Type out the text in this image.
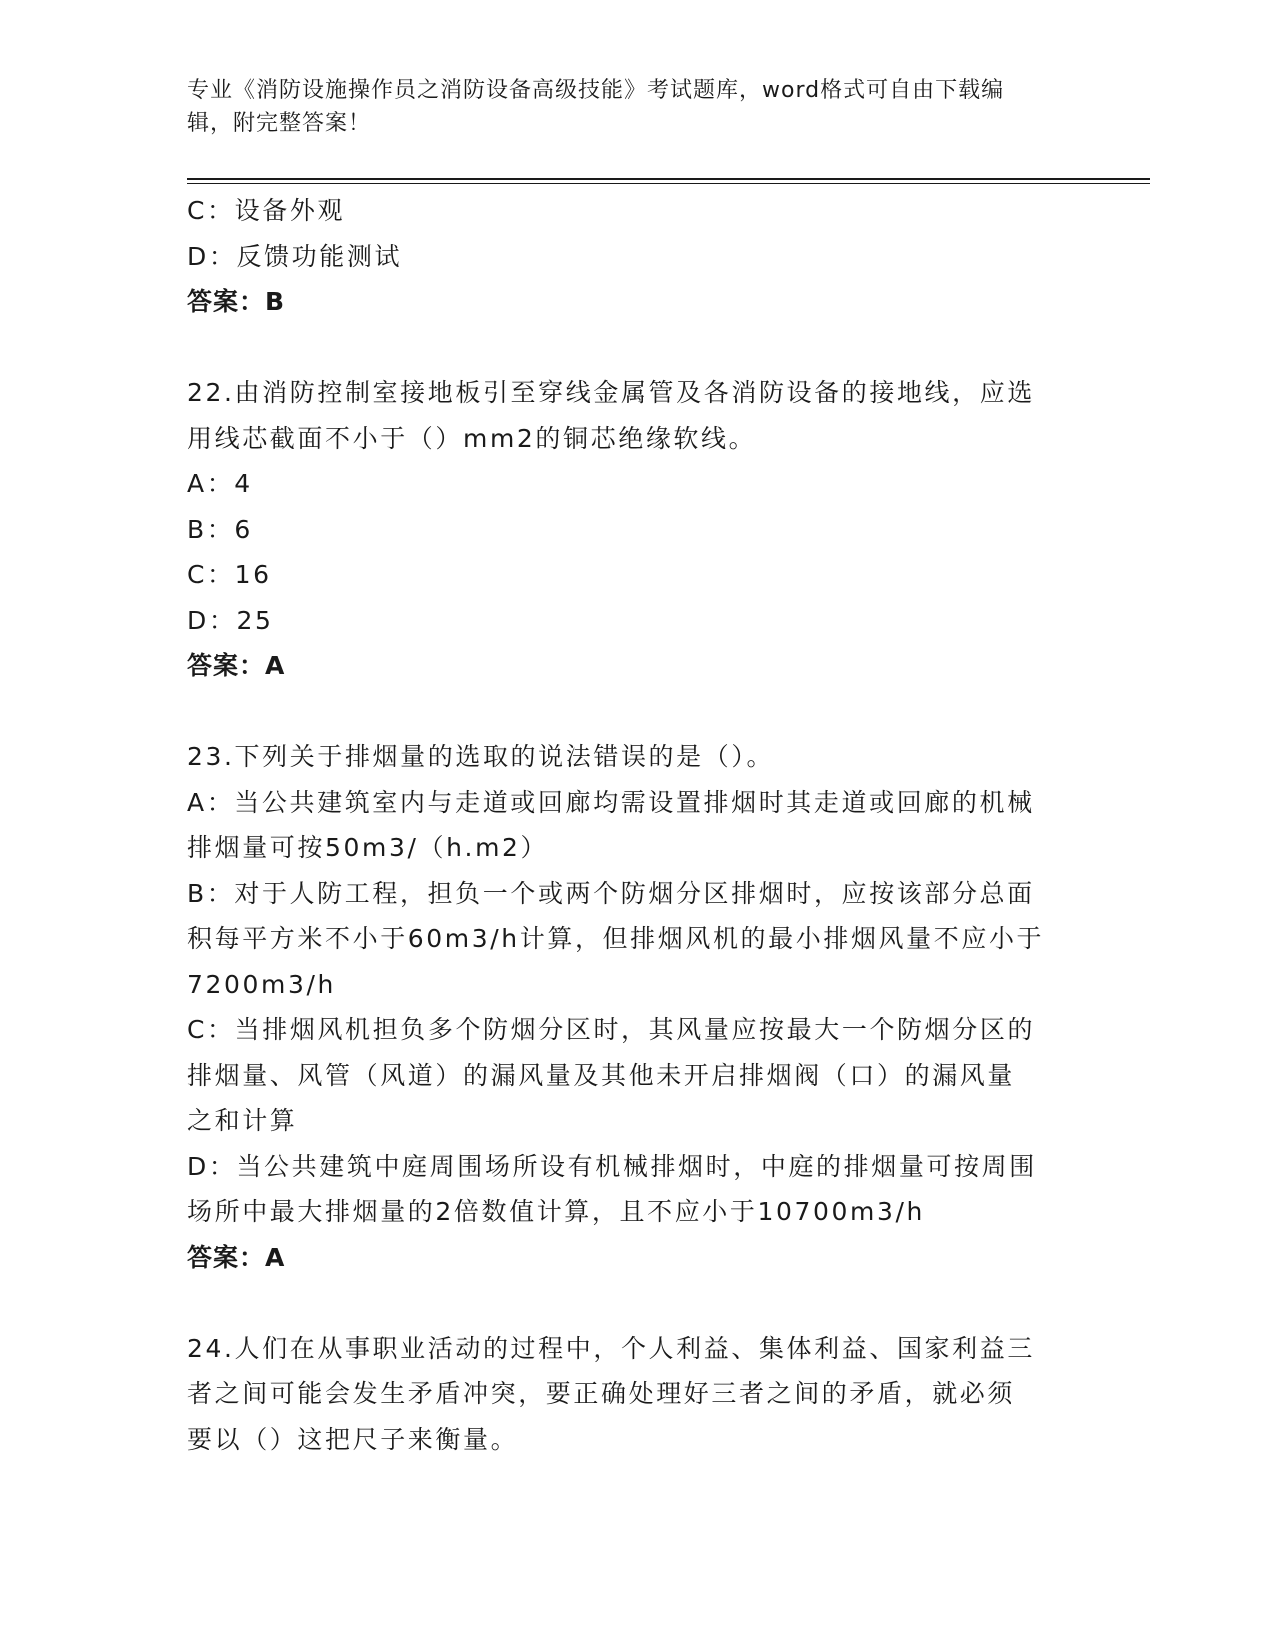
专业《消防设施操作员之消防设备高级技能》考试题库，word格式可自由下载编
辑，附完整答案！
C：设备外观
D：反馈功能测试
答案：B
22.由消防控制室接地板引至穿线金属管及各消防设备的接地线，应选
用线芯截面不小于（）mm2的铜芯绝缘软线。
A：4
B：6
C：16
D：25
答案：A
23.下列关于排烟量的选取的说法错误的是（）。
A：当公共建筑室内与走道或回廊均需设置排烟时其走道或回廊的机械
排烟量可按50m3/（h.m2）
B：对于人防工程，担负一个或两个防烟分区排烟时，应按该部分总面
积每平方米不小于60m3/h计算，但排烟风机的最小排烟风量不应小于
7200m3/h
C：当排烟风机担负多个防烟分区时，其风量应按最大一个防烟分区的
排烟量、风管（风道）的漏风量及其他未开启排烟阀（口）的漏风量
之和计算
D：当公共建筑中庭周围场所设有机械排烟时，中庭的排烟量可按周围
场所中最大排烟量的2倍数值计算，且不应小于10700m3/h
答案：A
24.人们在从事职业活动的过程中，个人利益、集体利益、国家利益三
者之间可能会发生矛盾冲突，要正确处理好三者之间的矛盾，就必须
要以（）这把尺子来衡量。
